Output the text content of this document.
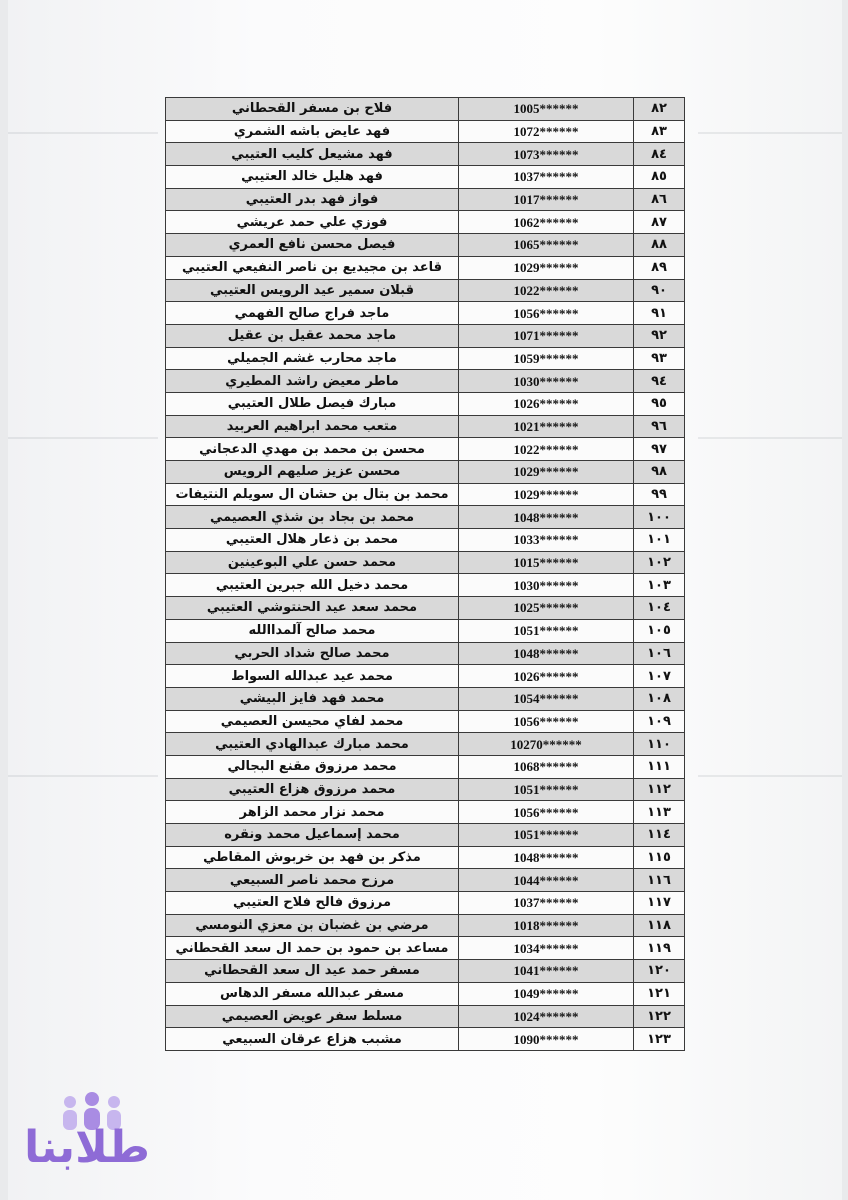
٨٢	1005******	فلاح بن مسفر القحطاني
٨٣	1072******	فهد عايض باشه الشمري
٨٤	1073******	فهد مشيعل كليب العتيبي
٨٥	1037******	فهد هليل خالد العتيبي
٨٦	1017******	فواز فهد بدر العتيبي
٨٧	1062******	فوزي علي حمد عريشي
٨٨	1065******	فيصل محسن نافع العمري
٨٩	1029******	قاعد بن مجيديع بن ناصر النفيعي العتيبي
٩٠	1022******	قبلان سمير عيد الرويس العتيبي
٩١	1056******	ماجد فراج صالح الفهمي
٩٢	1071******	ماجد محمد عقيل بن عقيل
٩٣	1059******	ماجد محارب غشم الجميلي
٩٤	1030******	ماطر معيض راشد المطيري
٩٥	1026******	مبارك فيصل طلال العتيبي
٩٦	1021******	متعب محمد ابراهيم العربيد
٩٧	1022******	محسن بن محمد بن مهدي الدعجاني
٩٨	1029******	محسن عزيز صليهم الرويس
٩٩	1029******	محمد بن بتال بن حشان ال سويلم النتيفات
١٠٠	1048******	محمد بن بجاد بن شذي العصيمي
١٠١	1033******	محمد بن ذعار هلال العتيبي
١٠٢	1015******	محمد حسن علي البوعينين
١٠٣	1030******	محمد دخيل الله جبرين العتيبي
١٠٤	1025******	محمد سعد عيد الحنتوشي العتيبي
١٠٥	1051******	محمد صالح آلمداالله
١٠٦	1048******	محمد صالح شداد الحربي
١٠٧	1026******	محمد عيد عبدالله السواط
١٠٨	1054******	محمد فهد فايز البيشي
١٠٩	1056******	محمد لفاي محيسن العصيمي
١١٠	10270******	محمد مبارك عبدالهادي العتيبي
١١١	1068******	محمد مرزوق مقنع البجالي
١١٢	1051******	محمد مرزوق هزاع العتيبي
١١٣	1056******	محمد نزار محمد الزاهر
١١٤	1051******	محمد إسماعيل محمد ونقره
١١٥	1048******	مذكر بن فهد بن خربوش المقاطي
١١٦	1044******	مرزح محمد ناصر السبيعي
١١٧	1037******	مرزوق فالح فلاح العتيبي
١١٨	1018******	مرضي بن غضبان بن معزي النومسي
١١٩	1034******	مساعد بن حمود بن حمد ال سعد القحطاني
١٢٠	1041******	مسفر حمد عيد ال سعد القحطاني
١٢١	1049******	مسفر عبدالله مسفر الدهاس
١٢٢	1024******	مسلط سفر عويض العصيمي
١٢٣	1090******	مشبب هزاع عرقان السبيعي
طلابنا
